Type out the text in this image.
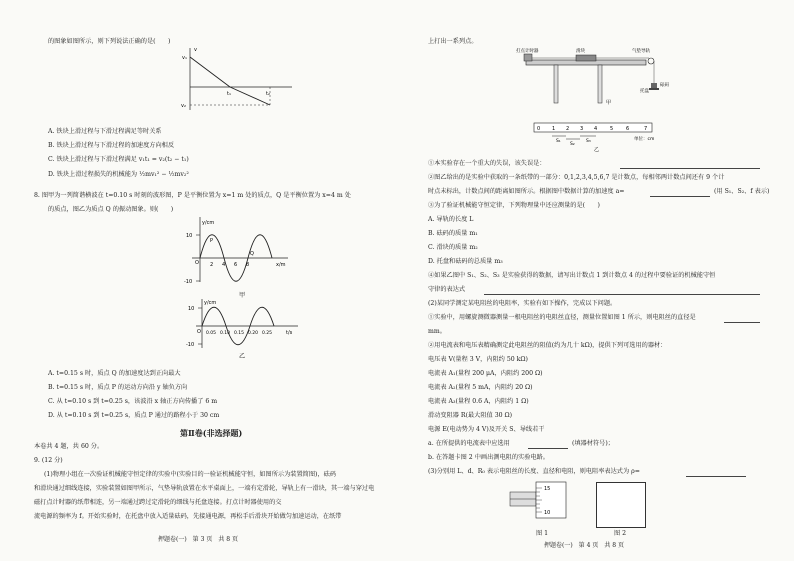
的图象如图所示，则下列说法正确的是(　　)
v₁
v₂
t₁	t₂
v
A. 铁块上滑过程与下滑过程满足等时关系
B. 铁块上滑过程与下滑过程的加速度方向相反
C. 铁块上滑过程与下滑过程满足 v₁t₁ = v₂(t₂ − t₁)
D. 铁块上滑过程损失的机械能为 ½mv₁² − ½mv₂²
8. 图甲为一列简谐横波在 t=0.10 s 时刻的波形图，P 是平衡位置为 x=1 m 处的质点，Q 是平衡位置为 x=4 m 处
的质点，图乙为质点 Q 的振动图象。则(　　)
y/cm
10
-10
O
P
Q
2 4 6 8	x/m
甲
y/cm
10
-10
O 0.05 0.10 0.15 0.20 0.25	t/s
乙
A. t=0.15 s 时，质点 Q 的加速度达到正向最大
B. t=0.15 s 时，质点 P 的运动方向沿 y 轴负方向
C. 从 t=0.10 s 到 t=0.25 s，该波沿 x 轴正方向传播了 6 m
D. 从 t=0.10 s 到 t=0.25 s，质点 P 通过的路程小于 30 cm
第Ⅱ卷(非选择题)
本卷共 4 题，共 60 分。
9. (12 分)
(1)物理小组在一次验证机械能守恒定律的实验中(实验目的一验证机械能守恒，如图所示为装置简图)，砝码
和滑块通过细线连接，实验装置如图甲所示，气垫导轨放置在水平桌面上，一端有定滑轮，导轨上有一滑块，其一端与穿过电
磁打点计时器的纸带相连，另一端通过跨过定滑轮的细线与托盘连接。打点计时器使用的交
流电源的频率为 f。开始实验时，在托盘中放入适量砝码，先接通电源，再松手后滑块开始做匀加速运动，在纸带
押题卷(一)　第 3 页　共 8 页
上打出一系列点。
打点计时器	滑块	气垫导轨
托盘
砝码
甲
0 1 2 3 4	5	6	7
S₁
S₂
S₃	单位：cm
乙
①本实验存在一个重大的失误，该失误是：
②图乙给出的是实验中获取的一条纸带的一部分：0,1,2,3,4,5,6,7 是计数点，每相邻两计数点间还有 9 个计
时点未标出，计数点间的距离如图所示。根据图中数据计算的加速度 a=	(用 S₁、S₂、f 表示)
③为了验证机械能守恒定律，下列物理量中还应测量的是(　　)
A. 导轨的长度 L
B. 砝码的质量 m₁
C. 滑块的质量 m₂
D. 托盘和砝码的总质量 m₃
④如果乙图中 S₁、S₂、S₃ 是实验获得的数据，请写出计数点 1 到计数点 4 的过程中要验证的机械能守恒
守律的表达式
(2)某同学测定某电阻丝的电阻率，实验有如下操作，完成以下问题。
①实验中，用螺旋测微器测量一根电阻丝的电阻丝直径，测量位置如图 1 所示，则电阻丝的直径是
mm。
②用电流表和电压表精确测定此电阻丝的阻值(约为几十 kΩ)，提供下列可选用的器材：
电压表 V(量程 3 V，内阻约 50 kΩ)
电流表 A₁(量程 200 μA，内阻约 200 Ω)
电流表 A₂(量程 5 mA，内阻约 20 Ω)
电流表 A₃(量程 0.6 A，内阻约 1 Ω)
滑动变阻器 R(最大阻值 30 Ω)
电源 E(电动势为 4 V)及开关 S、导线若干
a. 在所提供的电流表中应选用	(填器材符号)；
b. 在答题卡图 2 中画出测电阻的实验电路。
(3)分别用 L、d、R₀ 表示电阻丝的长度、直径和电阻，则电阻率表达式为 ρ=
15
10
图 1	图 2
押题卷(一)　第 4 页　共 8 页
